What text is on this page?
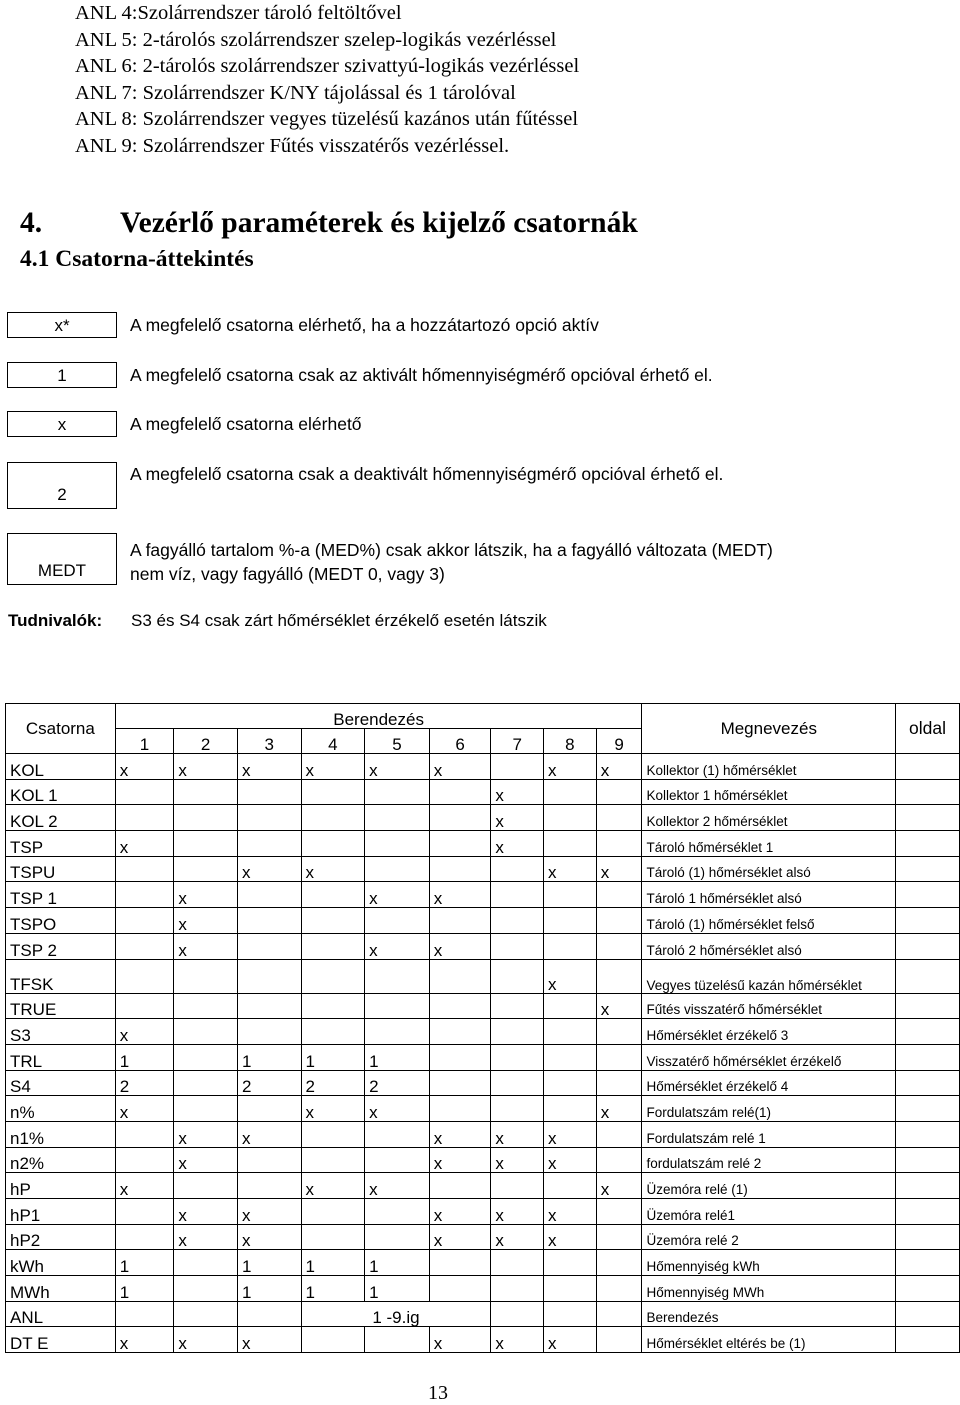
ANL 4:Szolárrendszer tároló feltöltővel
ANL 5: 2-tárolós szolárrendszer szelep-logikás vezérléssel
ANL 6: 2-tárolós szolárrendszer szivattyú-logikás vezérléssel
ANL 7: Szolárrendszer K/NY tájolással és 1 tárolóval
ANL 8: Szolárrendszer vegyes tüzelésű kazános után fűtéssel
ANL 9: Szolárrendszer Fűtés visszatérős vezérléssel.
4.	Vezérlő paraméterek és kijelző csatornák
4.1 Csatorna-áttekintés
x*	A megfelelő csatorna elérhető, ha a hozzátartozó opció aktív
1	A megfelelő csatorna csak az aktivált hőmennyiségmérő opcióval érhető el.
x	A megfelelő csatorna elérhető
2
A megfelelő csatorna csak a deaktivált hőmennyiségmérő opcióval érhető el.
MEDT
A fagyálló tartalom %-a (MED%) csak akkor látszik, ha a fagyálló változata (MEDT) nem víz, vagy fagyálló (MEDT 0, vagy 3)
Tudnivalók: S3 és S4 csak zárt hőmérséklet érzékelő esetén látszik
Csatorna	Berendezés									Megnevezés	oldal
	1	2	3	4	5	6	7	8	9		
KOL	x	x	x	x	x	x		x	x	Kollektor (1) hőmérséklet	
KOL 1							x			Kollektor 1 hőmérséklet	
KOL 2							x			Kollektor 2 hőmérséklet	
TSP	x						x			Tároló hőmérséklet 1	
TSPU			x	x				x	x	Tároló (1) hőmérséklet alsó	
TSP 1		x			x	x				Tároló 1 hőmérséklet alsó	
TSPO		x								Tároló (1) hőmérséklet felső	
TSP 2		x			x	x				Tároló 2 hőmérséklet alsó	
TFSK								x		Vegyes tüzelésű kazán hőmérséklet	
TRUE									x	Fűtés visszatérő hőmérséklet	
S3	x									Hőmérséklet érzékelő 3	
TRL	1		1	1	1					Visszatérő hőmérséklet érzékelő	
S4	2		2	2	2					Hőmérséklet érzékelő 4	
n%	x			x	x				x	Fordulatszám relé(1)	
n1%		x	x			x	x	x		Fordulatszám relé 1	
n2%		x				x	x	x		fordulatszám relé 2	
hP	x			x	x				x	Üzemóra relé (1)	
hP1		x	x			x	x	x		Üzemóra relé1	
hP2		x	x			x	x	x		Üzemóra relé 2	
kWh	1		1	1	1					Hőmennyiség kWh	
MWh	1		1	1	1					Hőmennyiség MWh	
ANL				1 -9.ig						Berendezés	
DT E	x	x	x			x	x	x		Hőmérséklet eltérés be (1)	
13
